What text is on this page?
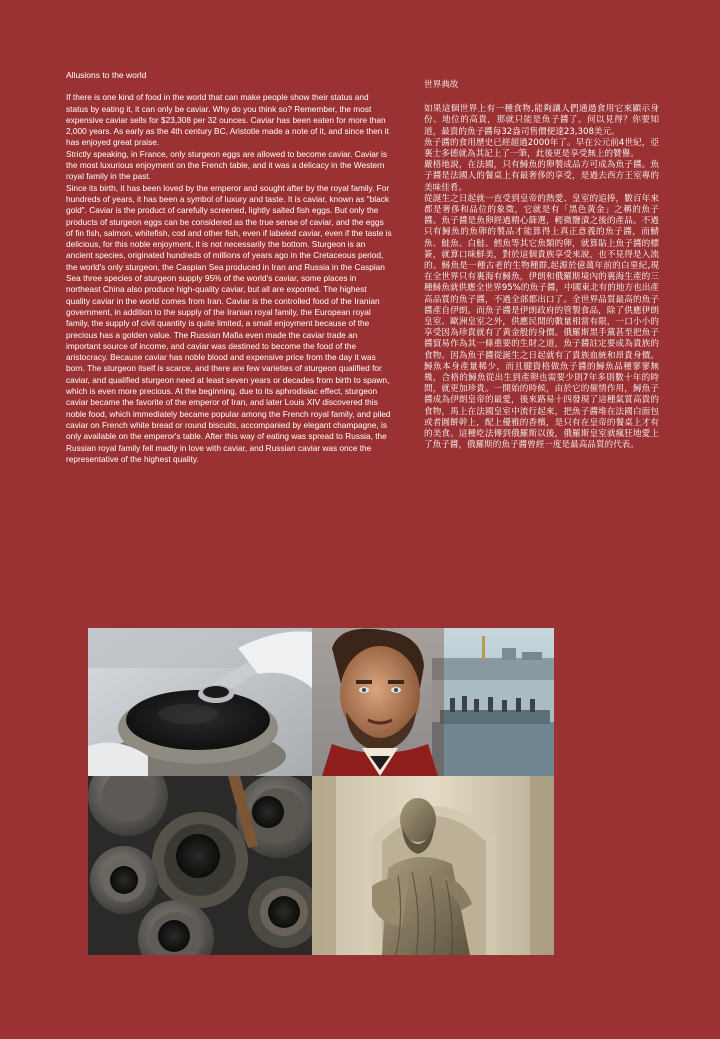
Allusions to the world

If there is one kind of food in the world that can make people show their status and status by eating it, it can only be caviar. Why do you think so? Remember, the most expensive caviar sells for $23,308 per 32 ounces. Caviar has been eaten for more than 2,000 years. As early as the 4th century BC, Aristotle made a note of it, and since then it has enjoyed great praise.

Strictly speaking, in France, only sturgeon eggs are allowed to become caviar. Caviar is the most luxurious enjoyment on the French table, and it was a delicacy in the Western royal family in the past.

Since its birth, it has been loved by the emperor and sought after by the royal family. For hundreds of years, it has been a symbol of luxury and taste. It is caviar, known as "black gold". Caviar is the product of carefully screened, lightly salted fish eggs. But only the products of sturgeon eggs can be considered as the true sense of caviar, and the eggs of fin fish, salmon, whitefish, cod and other fish, even if labeled caviar, even if the taste is delicious, for this noble enjoyment, it is not necessarily the bottom. Sturgeon is an ancient species, originated hundreds of millions of years ago in the Cretaceous period, the world's only sturgeon, the Caspian Sea produced in Iran and Russia in the Caspian Sea three species of sturgeon supply 95% of the world's caviar, some places in northeast China also produce high-quality caviar, but all are exported. The highest quality caviar in the world comes from Iran. Caviar is the controlled food of the Iranian government, in addition to the supply of the Iranian royal family, the European royal family, the supply of civil quantity is quite limited, a small enjoyment because of the precious has a golden value. The Russian Mafia even made the caviar trade an important source of income, and caviar was destined to become the food of the aristocracy. Because caviar has noble blood and expensive price from the day it was born. The sturgeon itself is scarce, and there are few varieties of sturgeon qualified for caviar, and qualified sturgeon need at least seven years or decades from birth to spawn, which is even more precious. At the beginning, due to its aphrodisiac effect, sturgeon caviar became the favorite of the emperor of Iran, and later Louis XIV discovered this noble food, which immediately became popular among the French royal family, and piled caviar on French white bread or round biscuits, accompanied by elegant champagne, is only available on the emperor's table. After this way of eating was spread to Russia, the Russian royal family fell madly in love with caviar, and Russian caviar was once the representative of the highest quality.

世界典故

如果這個世界上有一種食物,能夠讓人們通過食用它來顯示身份、地位的高貴，那就只能是魚子醬了。何以見得？你要知道，最貴的魚子醬每32盎司售價便達23,308美元。

魚子醬的食用歷史已經超過2000年了。早在公元前4世紀，亞裏士多德就為其記上了一筆，此後更是享受無上的贊譽。

嚴格地說，在法國，只有鱘魚的卵製成品方可成為魚子醬。魚子醬是法國人的餐桌上有最奢侈的享受，是過去西方王室專的美味佳肴。

從誕生之日起就一直受到皇帝的熱愛、皇室的追捧，數百年來都是奢侈和品位的象徵，它就是有「黑色黃金」之稱的魚子醬。魚子醬是魚卵經過精心篩選，輕微鹽漬之後的產品。不過只有鱘魚的魚卵的製品才能算得上真正意義的魚子醬，而鯖魚、鮭魚、白鮭、鱈魚等其它魚類的卵，就算貼上魚子醬的標簽，就算口味鮮美，對於這個貴族享受來說，也不見得是入流的。鱘魚是一種古老的生物種群,起源於億萬年前的白堊紀,現在全世界只有裏海有鱘魚，伊朗和俄羅斯境內的裏海生產的三種鱘魚就供應全世界95%的魚子醬，中國東北有的地方也出產高品質的魚子醬，不過全部都出口了。全世界品質最高的魚子醬產自伊朗。而魚子醬是伊朗政府的管製食品，除了供應伊朗皇室、歐洲皇室之外，供應民間的數量相當有限，一口小小的享受因為珍貴就有了黃金般的身價。俄羅斯黑手黨甚至把魚子醬貿易作為其一條重要的生財之道，魚子醬註定要成為貴族的食物。因為魚子醬從誕生之日起就有了貴族血統和昂貴身價。鱘魚本身產量稀少，而且腱資格做魚子醬的鱘魚品種寥寥無幾，合格的鱘魚從出生到產卵也需要少則7年多則數十年的時間，就更加珍貴。一開始的時候，由於它的催情作用，鱘魚子醬成為伊朗皇帝的最愛，後來路易十四發現了這種氣質高貴的食物，馬上在法國皇室中流行起來，把魚子醬堆在法國白面包或者圓餅幹上，配上優雅的香檳，是只有在皇帝的餐桌上才有的美食。這種吃法傳到俄羅斯以後，俄羅斯皇室就瘋狂地愛上了魚子醬，俄羅斯的魚子醬曾經一度是最高品質的代表。
